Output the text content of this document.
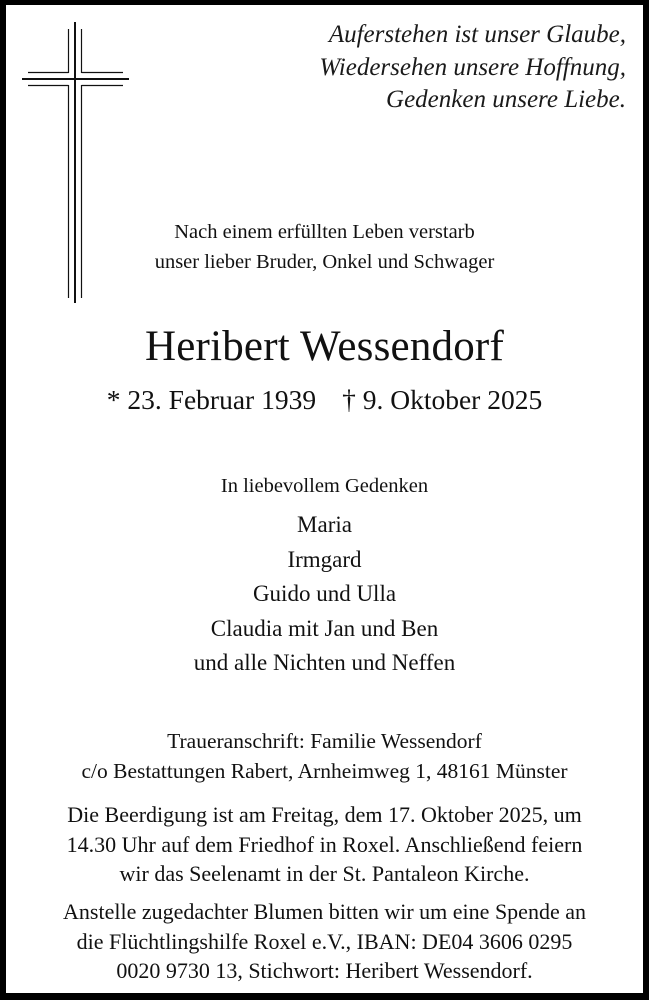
Auferstehen ist unser Glaube,
Wiedersehen unsere Hoffnung,
Gedenken unsere Liebe.
Nach einem erfüllten Leben verstarb
unser lieber Bruder, Onkel und Schwager
Heribert Wessendorf
* 23. Februar 1939 † 9. Oktober 2025
In liebevollem Gedenken
Maria
Irmgard
Guido und Ulla
Claudia mit Jan und Ben
und alle Nichten und Neffen
Traueranschrift: Familie Wessendorf
c/o Bestattungen Rabert, Arnheimweg 1, 48161 Münster
Die Beerdigung ist am Freitag, dem 17. Oktober 2025, um
14.30 Uhr auf dem Friedhof in Roxel. Anschließend feiern
wir das Seelenamt in der St. Pantaleon Kirche.
Anstelle zugedachter Blumen bitten wir um eine Spende an
die Flüchtlingshilfe Roxel e.V., IBAN: DE04 3606 0295
0020 9730 13, Stichwort: Heribert Wessendorf.
